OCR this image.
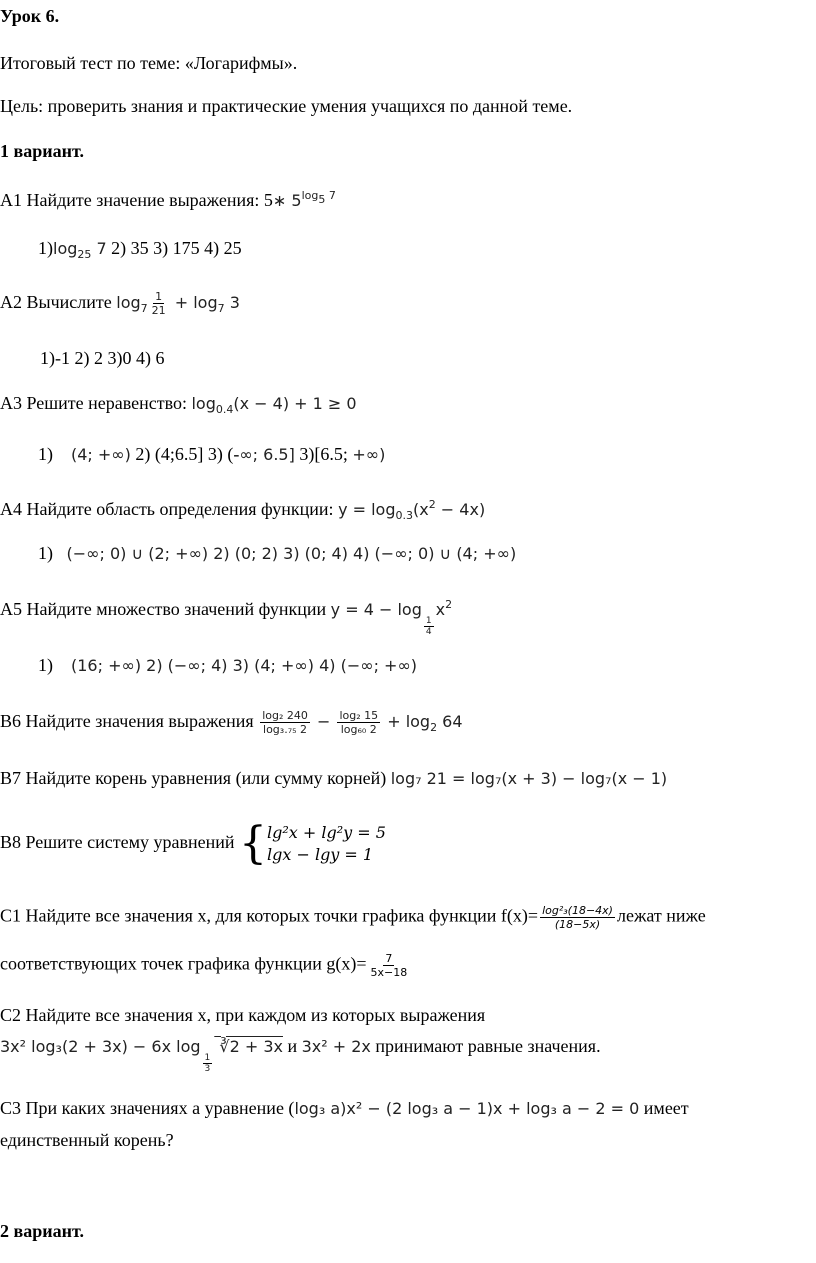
Урок 6.
Итоговый тест по теме: «Логарифмы».
Цель: проверить знания и практические умения учащихся по данной теме.
1 вариант.
А1 Найдите значение выражения: 5∗ $5^{log_5 7}$
$1)\log_{25}$ 7 2) 35 3) 175 4) 25
А2 Вычислите $\log_7 \frac{1}{21} + \log_7 3$
1)-1 2) 2 3)0 4) 6
А3 Решите неравенство: $\log_{0.4}(x - 4) + 1 \ge 0$
1) (4; +∞) 2) (4;6.5] 3) (-∞; 6.5] 3)[6.5; +∞)
А4 Найдите область определения функции: $y = \log_{0.3}(x^2 - 4x)$
1) (−∞; 0) ∪ (2; +∞) 2) (0; 2) 3) (0; 4) 4) (−∞; 0) ∪ (4; +∞)
А5 Найдите множество значений функции y = 4 − log
$\frac{1}{4}$
$x^2$
1) (16; +∞) 2) (−∞; 4) 3) (4; +∞) 4) (−∞; +∞)
В6 Найдите значения выражения $\frac{\text{log₂ 240}}{\text{log₃.₇₅ 2}} - \frac{\text{log₂ 15}}{\text{log₆₀ 2}} + \log_2 64$
В7 Найдите корень уравнения (или сумму корней) log₇ 21 = log₇(x + 3) − log₇(x − 1)
В8 Решите систему уравнений { lg²x + lg²y = 5
lgx − lgy = 1
С1 Найдите все значения х, для которых точки графика функции $f(x)= \frac{\text{log²₃(18−4x)}}{(18-5x)}$ лежат ниже
соответствующих точек графика функции $g(x)= \frac{7}{5x-18}$
С2 Найдите все значения х, при каждом из которых выражения
3x² log₃(2 + 3x) − 6x log
$\frac{1}{3}$
∛2 + 3x и 3x² + 2x принимают равные значения.
С3 При каких значениях а уравнение (log₃ a)x² − (2 log₃ a − 1)x + log₃ a − 2 = 0 имеет
единственный корень?
2 вариант.
